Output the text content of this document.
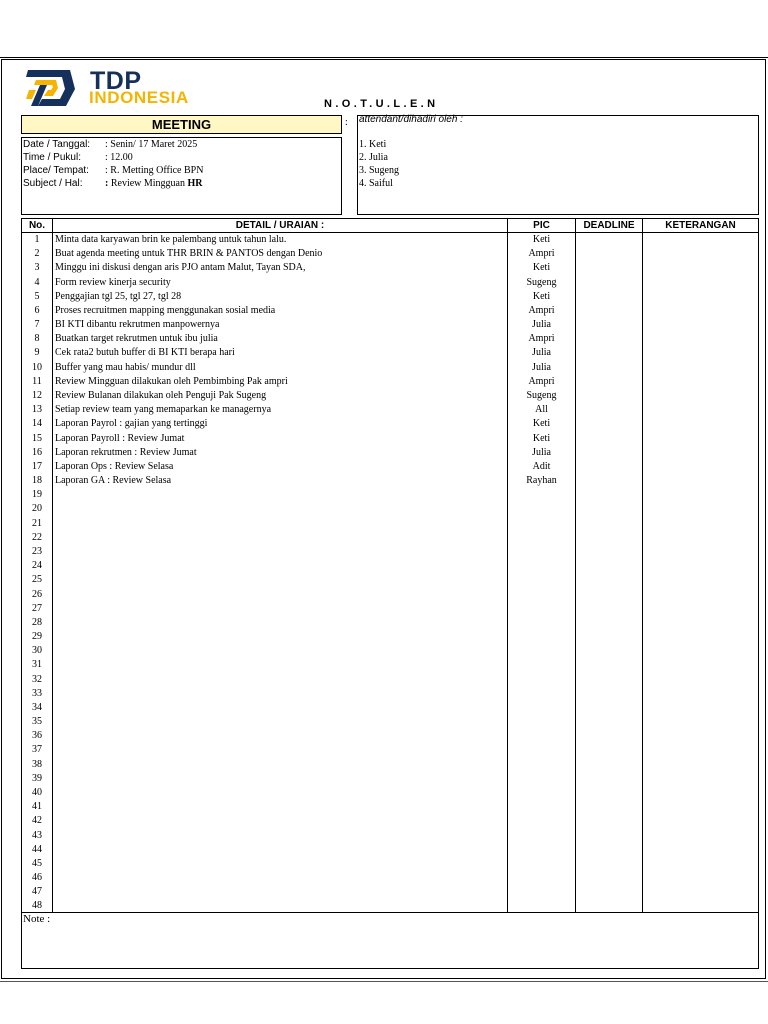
TDP
INDONESIA	N.O.T.U.L.E.N
MEETING	:
Date / Tanggal: : Senin/ 17 Maret 2025
Time / Pukul: : 12.00
Place/ Tempat: : R. Metting Office BPN
Subject / Hal: : Review Mingguan HR
attendant/dihadiri oleh :
1. Keti
2. Julia
3. Sugeng
4. Saiful
No.	DETAIL / URAIAN :	PIC	DEADLINE	KETERANGAN
1	Minta data karyawan brin ke palembang untuk tahun lalu.	Keti
2	Buat agenda meeting untuk THR BRIN & PANTOS dengan Denio	Ampri
3	Minggu ini diskusi dengan aris PJO antam Malut, Tayan SDA,	Keti
4	Form review kinerja security	Sugeng
5	Penggajian tgl 25, tgl 27, tgl 28	Keti
6	Proses recruitmen mapping menggunakan sosial media	Ampri
7	BI KTI dibantu rekrutmen manpowernya	Julia
8	Buatkan target rekrutmen untuk ibu julia	Ampri
9	Cek rata2 butuh buffer di BI KTI berapa hari	Julia
10	Buffer yang mau habis/ mundur dll	Julia
11	Review Mingguan dilakukan oleh Pembimbing Pak ampri	Ampri
12	Review Bulanan dilakukan oleh Penguji Pak Sugeng	Sugeng
13	Setiap review team yang memaparkan ke managernya	All
14	Laporan Payrol : gajian yang tertinggi	Keti
15	Laporan Payroll : Review Jumat	Keti
16	Laporan rekrutmen : Review Jumat	Julia
17	Laporan Ops : Review Selasa	Adit
18	Laporan GA : Review Selasa	Rayhan
19
20
21
22
23
24
25
26
27
28
29
30
31
32
33
34
35
36
37
38
39
40
41
42
43
44
45
46
47
48
Note :
